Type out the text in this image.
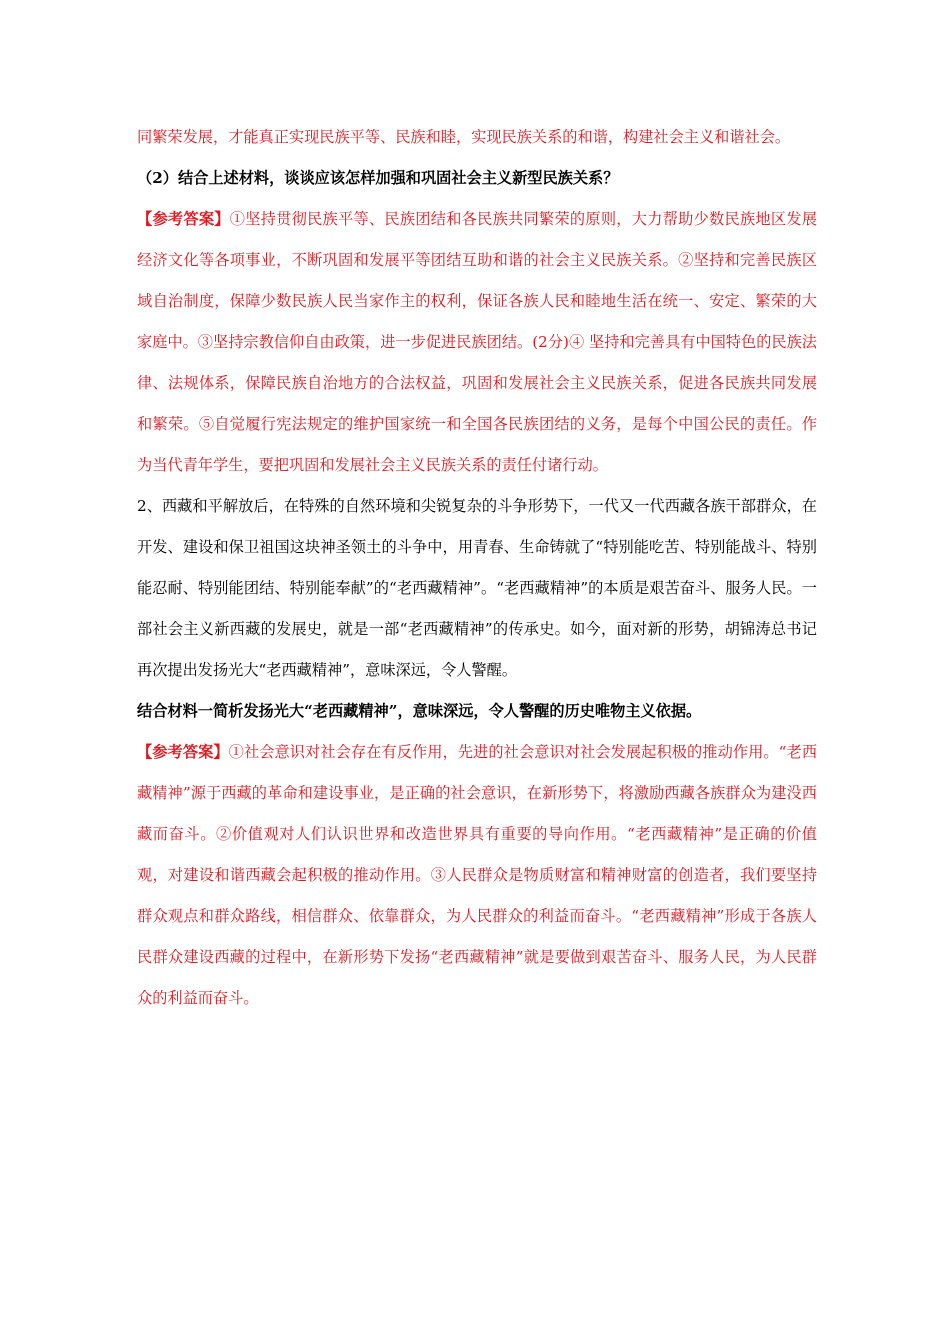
同繁荣发展，才能真正实现民族平等、民族和睦，实现民族关系的和谐，构建社会主义和谐社会。

（2）结合上述材料，谈谈应该怎样加强和巩固社会主义新型民族关系？

【参考答案】①坚持贯彻民族平等、民族团结和各民族共同繁荣的原则，大力帮助少数民族地区发展经济文化等各项事业，不断巩固和发展平等团结互助和谐的社会主义民族关系。②坚持和完善民族区域自治制度，保障少数民族人民当家作主的权利，保证各族人民和睦地生活在统一、安定、繁荣的大家庭中。③坚持宗教信仰自由政策，进一步促进民族团结。(2分)④ 坚持和完善具有中国特色的民族法律、法规体系，保障民族自治地方的合法权益，巩固和发展社会主义民族关系，促进各民族共同发展和繁荣。⑤自觉履行宪法规定的维护国家统一和全国各民族团结的义务，是每个中国公民的责任。作为当代青年学生，要把巩固和发展社会主义民族关系的责任付诸行动。

2、西藏和平解放后，在特殊的自然环境和尖锐复杂的斗争形势下，一代又一代西藏各族干部群众，在开发、建设和保卫祖国这块神圣领土的斗争中，用青春、生命铸就了“特别能吃苦、特别能战斗、特别能忍耐、特别能团结、特别能奉献”的“老西藏精神”。“老西藏精神”的本质是艰苦奋斗、服务人民。一部社会主义新西藏的发展史，就是一部“老西藏精神”的传承史。如今，面对新的形势，胡锦涛总书记再次提出发扬光大“老西藏精神”，意味深远，令人警醒。

结合材料一简析发扬光大“老西藏精神”，意味深远，令人警醒的历史唯物主义依据。

【参考答案】①社会意识对社会存在有反作用，先进的社会意识对社会发展起积极的推动作用。“老西藏精神”源于西藏的革命和建设事业，是正确的社会意识，在新形势下，将激励西藏各族群众为建没西藏而奋斗。②价值观对人们认识世界和改造世界具有重要的导向作用。“老西藏精神”是正确的价值观，对建设和谐西藏会起积极的推动作用。③人民群众是物质财富和精神财富的创造者，我们要坚持群众观点和群众路线，相信群众、依靠群众，为人民群众的利益而奋斗。“老西藏精神”形成于各族人民群众建设西藏的过程中，在新形势下发扬“老西藏精神”就是要做到艰苦奋斗、服务人民，为人民群众的利益而奋斗。
